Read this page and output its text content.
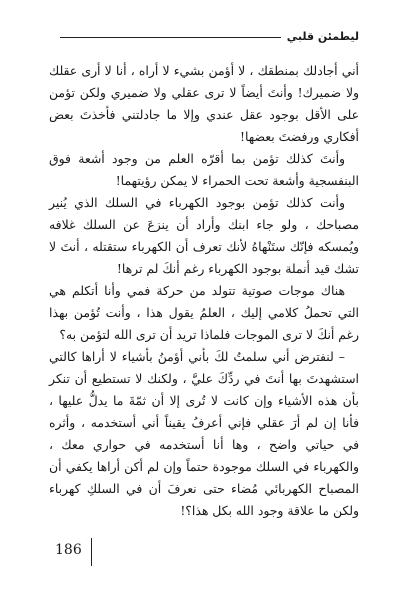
ليطمئن قلبي

أني أجادلك بمنطقك ، لا أؤمن بشيء لا أراه ، أنا لا أرى عقلك ولا ضميرك! وأنتَ أيضاً لا ترى عقلي ولا ضميري ولكن تؤمن على الأقل بوجود عقل عندي وإلا ما جادلتني فأخذتَ بعض أفكاري ورفضتَ بعضها!

وأنتَ كذلك تؤمن بما أقرّه العلم من وجود أشعة فوق البنفسجية وأشعة تحت الحمراء لا يمكن رؤيتهما!

وأنت كذلك تؤمن بوجود الكهرباء في السلك الذي يُنير مصباحك ، ولو جاء ابنك وأراد أن ينزعَ عن السلك غلافه ويُمسكه فإنّك ستَنْهاهُ لأنك تعرف أن الكهرباء ستقتله ، أنتَ لا تشك قيد أنملة بوجود الكهرباء رغم أنكَ لم ترها!

هناك موجات صوتية تتولد من حركة فمي وأنا أتكلم هي التي تحملُ كلامي إليك ، العلمُ يقول هذا ، وأنت تُؤمن بهذا رغم أنكَ لا ترى الموجات فلماذا تريد أن ترى الله لتؤمن به؟

– لنفترض أني سلمتُ لكَ بأني أؤمنُ بأشياء لا أراها كالتي استشهدتَ بها أنتَ في ردِّكَ عليَّ ، ولكنك لا تستطيع أن تنكر بأن هذه الأشياء وإن كانت لا تُرى إلا أن ثمّةَ ما يدلُّ عليها ، فأنا إن لم أرَ عقلي فإني أعرفُ يقيناً أني أستخدمه ، وأثره في حياتي واضح ، وها أنا أستخدمه في حواري معك ، والكهرباء في السلك موجودة حتماً وإن لم أكن أراها يكفي أن المصباح الكهربائي مُضاء حتى نعرفَ أن في السلكِ كهرباء ولكن ما علاقة وجود الله بكل هذا؟!

186
